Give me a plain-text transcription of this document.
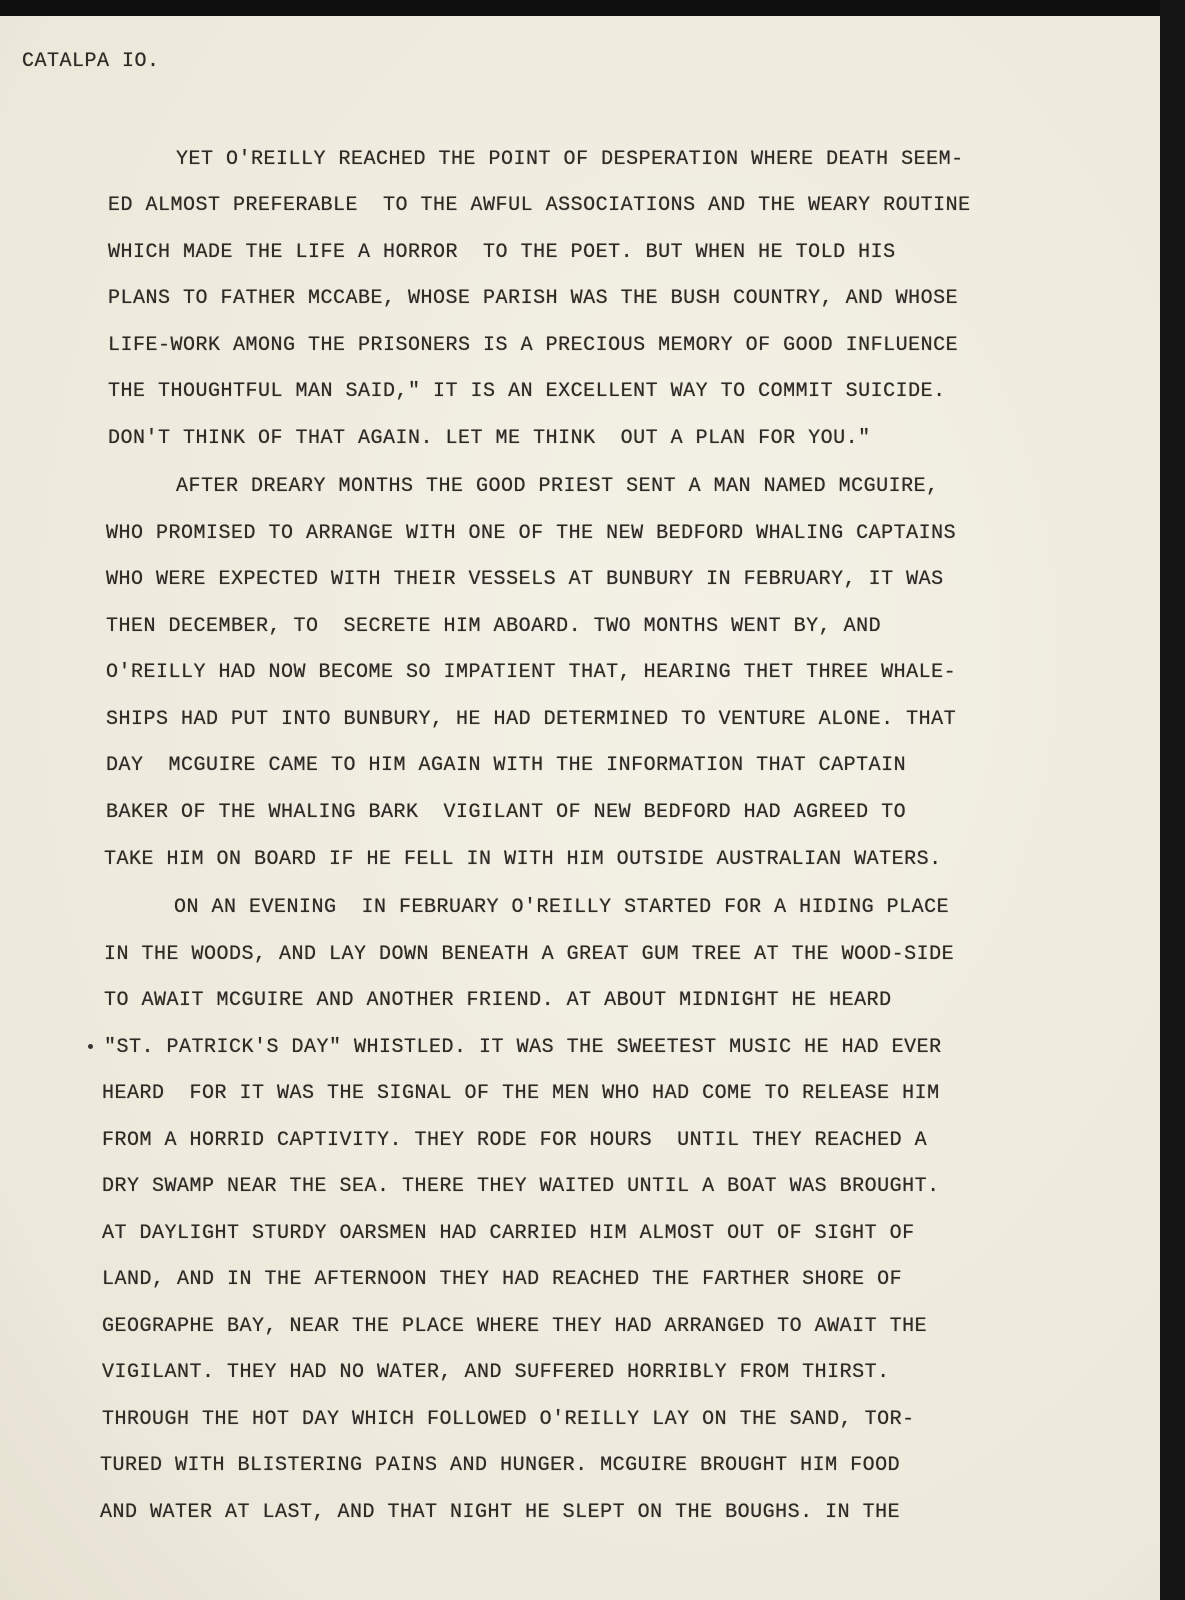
CATALPA IO.
YET O'REILLY REACHED THE POINT OF DESPERATION WHERE DEATH SEEM-
ED ALMOST PREFERABLE  TO THE AWFUL ASSOCIATIONS AND THE WEARY ROUTINE
WHICH MADE THE LIFE A HORROR  TO THE POET. BUT WHEN HE TOLD HIS
PLANS TO FATHER MCCABE, WHOSE PARISH WAS THE BUSH COUNTRY, AND WHOSE
LIFE-WORK AMONG THE PRISONERS IS A PRECIOUS MEMORY OF GOOD INFLUENCE
THE THOUGHTFUL MAN SAID," IT IS AN EXCELLENT WAY TO COMMIT SUICIDE.
DON'T THINK OF THAT AGAIN. LET ME THINK  OUT A PLAN FOR YOU."
AFTER DREARY MONTHS THE GOOD PRIEST SENT A MAN NAMED MCGUIRE,
WHO PROMISED TO ARRANGE WITH ONE OF THE NEW BEDFORD WHALING CAPTAINS
WHO WERE EXPECTED WITH THEIR VESSELS AT BUNBURY IN FEBRUARY, IT WAS
THEN DECEMBER, TO  SECRETE HIM ABOARD. TWO MONTHS WENT BY, AND
O'REILLY HAD NOW BECOME SO IMPATIENT THAT, HEARING THET THREE WHALE-
SHIPS HAD PUT INTO BUNBURY, HE HAD DETERMINED TO VENTURE ALONE. THAT
DAY  MCGUIRE CAME TO HIM AGAIN WITH THE INFORMATION THAT CAPTAIN
BAKER OF THE WHALING BARK  VIGILANT OF NEW BEDFORD HAD AGREED TO
TAKE HIM ON BOARD IF HE FELL IN WITH HIM OUTSIDE AUSTRALIAN WATERS.
ON AN EVENING  IN FEBRUARY O'REILLY STARTED FOR A HIDING PLACE
IN THE WOODS, AND LAY DOWN BENEATH A GREAT GUM TREE AT THE WOOD-SIDE
TO AWAIT MCGUIRE AND ANOTHER FRIEND. AT ABOUT MIDNIGHT HE HEARD
"ST. PATRICK'S DAY" WHISTLED. IT WAS THE SWEETEST MUSIC HE HAD EVER
HEARD  FOR IT WAS THE SIGNAL OF THE MEN WHO HAD COME TO RELEASE HIM
FROM A HORRID CAPTIVITY. THEY RODE FOR HOURS  UNTIL THEY REACHED A
DRY SWAMP NEAR THE SEA. THERE THEY WAITED UNTIL A BOAT WAS BROUGHT.
AT DAYLIGHT STURDY OARSMEN HAD CARRIED HIM ALMOST OUT OF SIGHT OF
LAND, AND IN THE AFTERNOON THEY HAD REACHED THE FARTHER SHORE OF
GEOGRAPHE BAY, NEAR THE PLACE WHERE THEY HAD ARRANGED TO AWAIT THE
VIGILANT. THEY HAD NO WATER, AND SUFFERED HORRIBLY FROM THIRST.
THROUGH THE HOT DAY WHICH FOLLOWED O'REILLY LAY ON THE SAND, TOR-
TURED WITH BLISTERING PAINS AND HUNGER. MCGUIRE BROUGHT HIM FOOD
AND WATER AT LAST, AND THAT NIGHT HE SLEPT ON THE BOUGHS. IN THE
